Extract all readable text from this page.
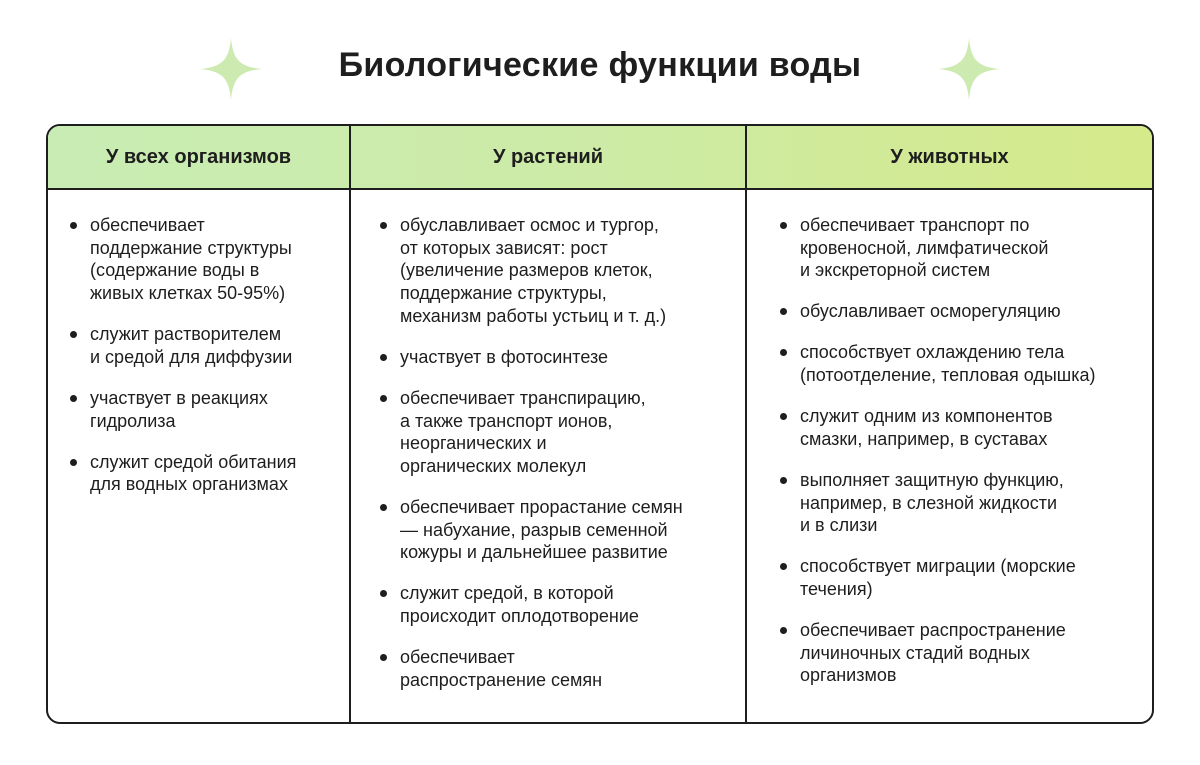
Биологические функции воды
У всех организмов	У растений	У животных
обеспечивает
поддержание структуры
(содержание воды в
живых клетках 50-95%)
служит растворителем
и средой для диффузии
участвует в реакциях
гидролиза
служит средой обитания
для водных организмах
обуславливает осмос и тургор,
от которых зависят: рост
(увеличение размеров клеток,
поддержание структуры,
механизм работы устьиц и т. д.)
участвует в фотосинтезе
обеспечивает транспирацию,
а также транспорт ионов,
неорганических и
органических молекул
обеспечивает прорастание семян
— набухание, разрыв семенной
кожуры и дальнейшее развитие
служит средой, в которой
происходит оплодотворение
обеспечивает
распространение семян
обеспечивает транспорт по
кровеносной, лимфатической
и экскреторной систем
обуславливает осморегуляцию
способствует охлаждению тела
(потоотделение, тепловая одышка)
служит одним из компонентов
смазки, например, в суставах
выполняет защитную функцию,
например, в слезной жидкости
и в слизи
способствует миграции (морские
течения)
обеспечивает распространение
личиночных стадий водных
организмов
